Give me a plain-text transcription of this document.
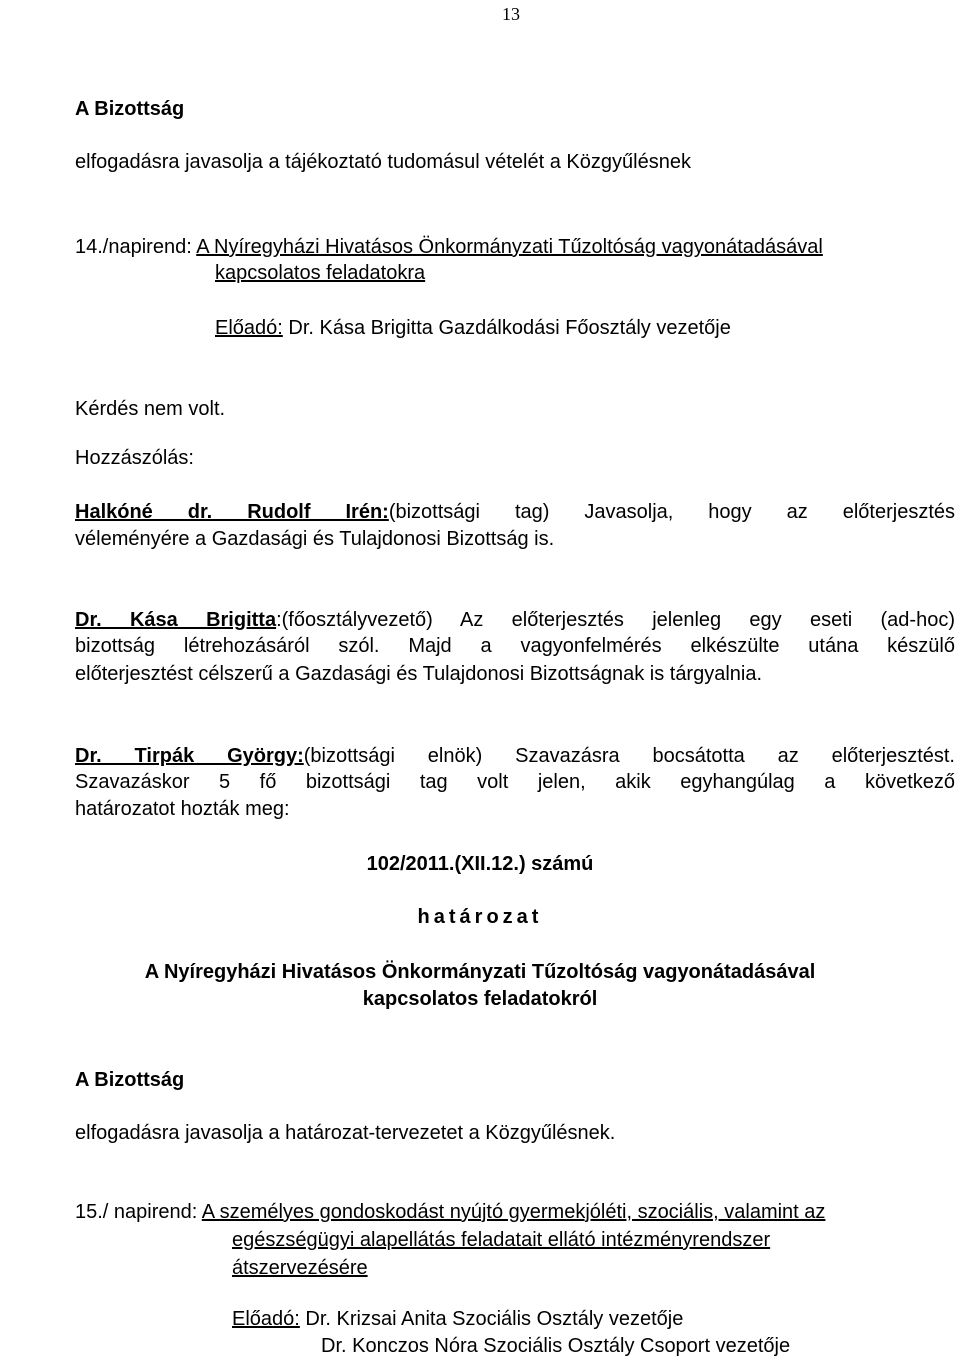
13
A Bizottság
elfogadásra javasolja a tájékoztató tudomásul vételét a Közgyűlésnek
14./napirend: A Nyíregyházi Hivatásos Önkormányzati Tűzoltóság vagyonátadásával
kapcsolatos feladatokra
Előadó: Dr. Kása Brigitta Gazdálkodási Főosztály vezetője
Kérdés nem volt.
Hozzászólás:
Halkóné dr. Rudolf Irén:(bizottsági tag) Javasolja, hogy az előterjesztés
véleményére a Gazdasági és Tulajdonosi Bizottság is.
Dr. Kása Brigitta:(főosztályvezető) Az előterjesztés jelenleg egy eseti (ad-hoc)
bizottság létrehozásáról szól. Majd a vagyonfelmérés elkészülte utána készülő
előterjesztést célszerű a Gazdasági és Tulajdonosi Bizottságnak is tárgyalnia.
Dr. Tirpák György:(bizottsági elnök) Szavazásra bocsátotta az előterjesztést.
Szavazáskor 5 fő bizottsági tag volt jelen, akik egyhangúlag a következő
határozatot hozták meg:
102/2011.(XII.12.) számú
határozat
A Nyíregyházi Hivatásos Önkormányzati Tűzoltóság vagyonátadásával
kapcsolatos feladatokról
A Bizottság
elfogadásra javasolja a határozat-tervezetet a Közgyűlésnek.
15./ napirend: A személyes gondoskodást nyújtó gyermekjóléti, szociális, valamint az
egészségügyi alapellátás feladatait ellátó intézményrendszer
átszervezésére
Előadó: Dr. Krizsai Anita Szociális Osztály vezetője
Dr. Konczos Nóra Szociális Osztály Csoport vezetője
